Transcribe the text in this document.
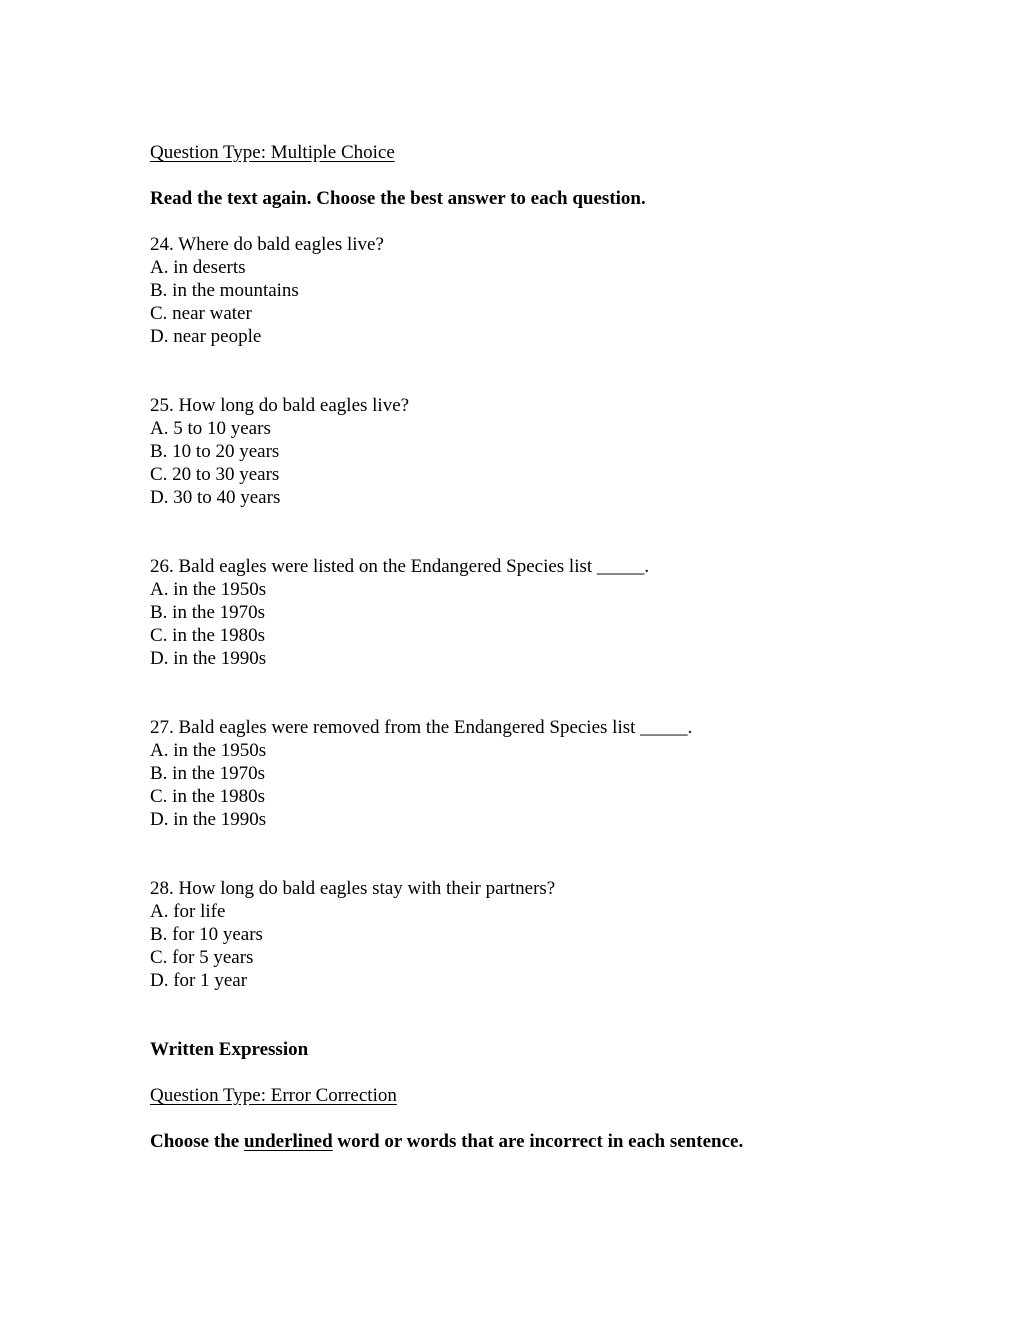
Question Type: Multiple Choice
Read the text again. Choose the best answer to each question.
24. Where do bald eagles live?
A. in deserts
B. in the mountains
C. near water
D. near people
25. How long do bald eagles live?
A. 5 to 10 years
B. 10 to 20 years
C. 20 to 30 years
D. 30 to 40 years
26. Bald eagles were listed on the Endangered Species list _____.
A. in the 1950s
B. in the 1970s
C. in the 1980s
D. in the 1990s
27. Bald eagles were removed from the Endangered Species list _____.
A. in the 1950s
B. in the 1970s
C. in the 1980s
D. in the 1990s
28. How long do bald eagles stay with their partners?
A. for life
B. for 10 years
C. for 5 years
D. for 1 year
Written Expression
Question Type: Error Correction
Choose the underlined word or words that are incorrect in each sentence.
